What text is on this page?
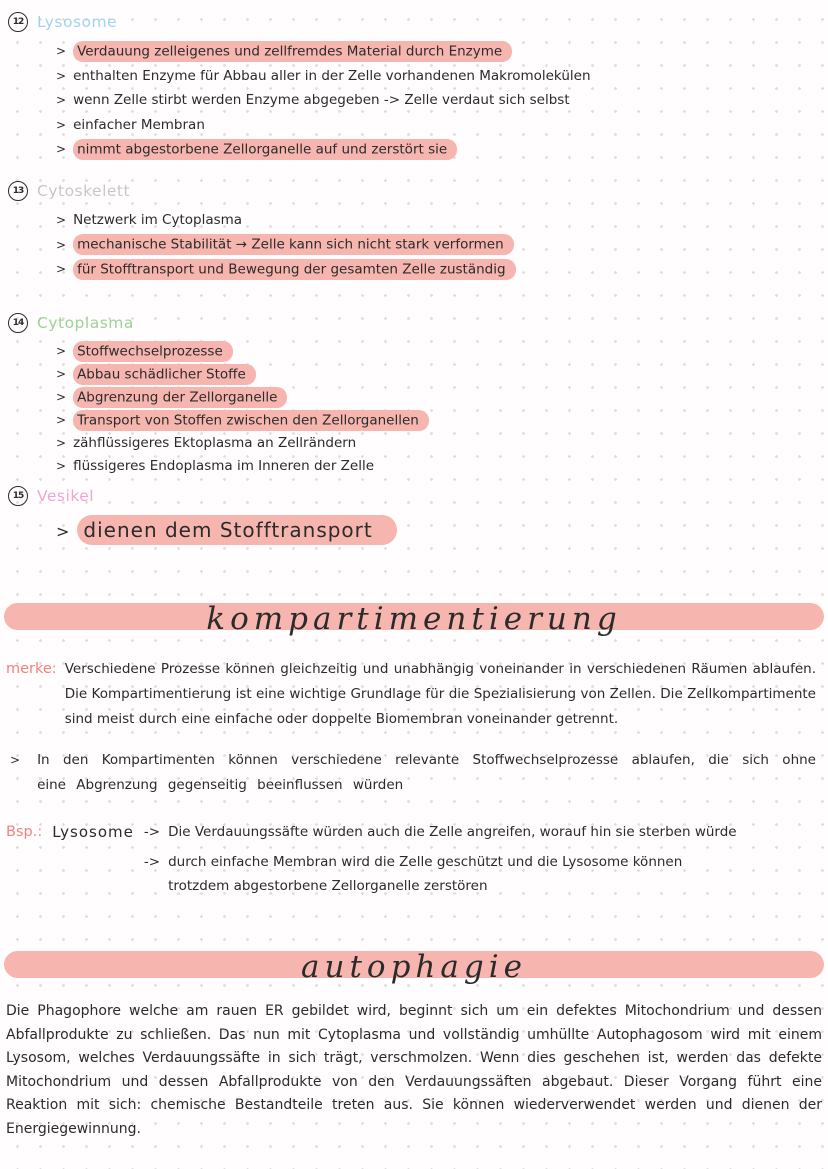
12 Lysosome
> Verdauung zelleigenes und zellfremdes Material durch Enzyme
> enthalten Enzyme für Abbau aller in der Zelle vorhandenen Makromolekülen
> wenn Zelle stirbt werden Enzyme abgegeben -> Zelle verdaut sich selbst
> einfacher Membran
> nimmt abgestorbene Zellorganelle auf und zerstört sie
13 Cytoskelett
> Netzwerk im Cytoplasma
> mechanische Stabilität → Zelle kann sich nicht stark verformen
> für Stofftransport und Bewegung der gesamten Zelle zuständig
14 Cytoplasma
> Stoffwechselprozesse
> Abbau schädlicher Stoffe
> Abgrenzung der Zellorganelle
> Transport von Stoffen zwischen den Zellorganellen
> zähflüssigeres Ektoplasma an Zellrändern
> flüssigeres Endoplasma im Inneren der Zelle
15 Vesikel
> dienen dem Stofftransport
kompartimentierung
merke: Verschiedene Prozesse können gleichzeitig und unabhängig voneinander in verschiedenen Räumen ablaufen. Die Kompartimentierung ist eine wichtige Grundlage für die Spezialisierung von Zellen. Die Zellkompartimente sind meist durch eine einfache oder doppelte Biomembran voneinander getrennt.
> In den Kompartimenten können verschiedene relevante Stoffwechselprozesse ablaufen, die sich ohne eine Abgrenzung gegenseitig beeinflussen würden

Bsp.: Lysosome -> Die Verdauungssäfte würden auch die Zelle angreifen, worauf hin sie sterben würde
-> durch einfache Membran wird die Zelle geschützt und die Lysosome können trotzdem abgestorbene Zellorganelle zerstören
autophagie

Die Phagophore welche am rauen ER gebildet wird, beginnt sich um ein defektes Mitochondrium und dessen Abfallprodukte zu schließen. Das nun mit Cytoplasma und vollständig umhüllte Autophagosom wird mit einem Lysosom, welches Verdauungssäfte in sich trägt, verschmolzen. Wenn dies geschehen ist, werden das defekte Mitochondrium und dessen Abfallprodukte von den Verdauungssäften abgebaut. Dieser Vorgang führt eine Reaktion mit sich: chemische Bestandteile treten aus. Sie können wiederverwendet werden und dienen der Energiegewinnung.
